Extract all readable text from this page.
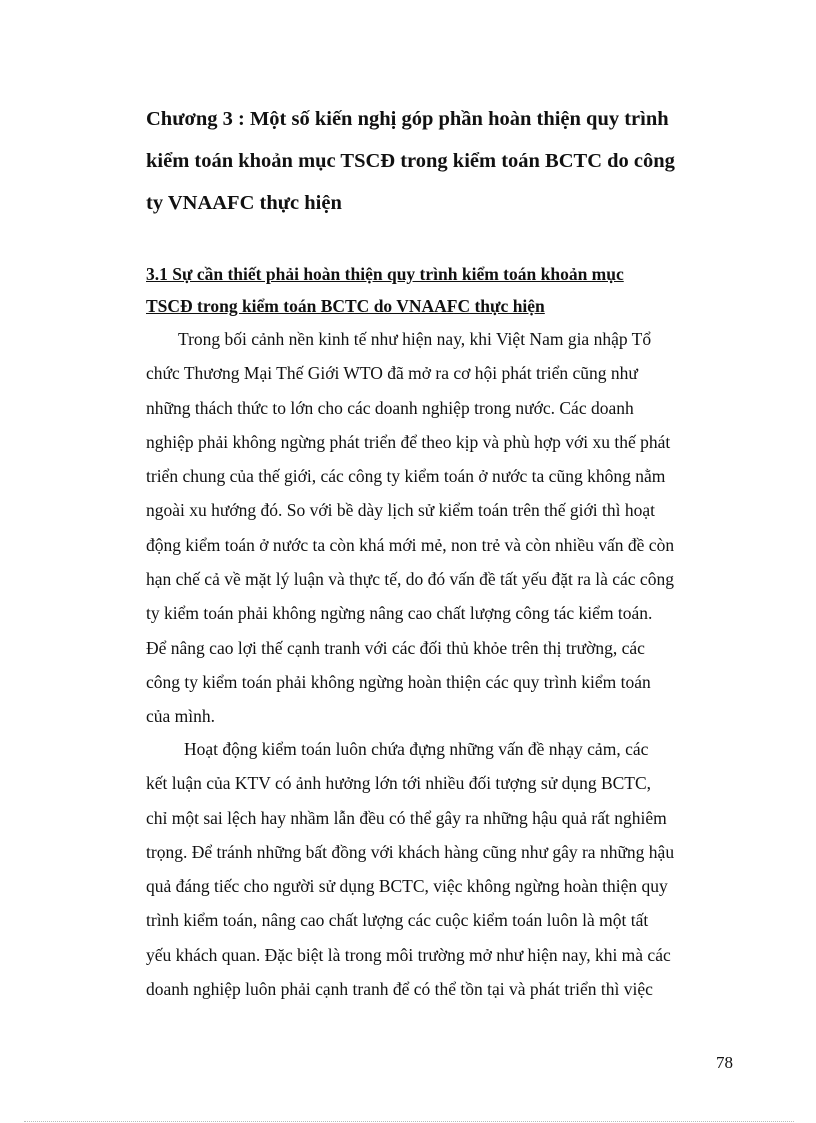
Chương 3 : Một số kiến nghị góp phần hoàn thiện quy trình
kiểm toán khoản mục TSCĐ trong kiểm toán BCTC do công
ty VNAAFC thực hiện
3.1 Sự cần thiết phải hoàn thiện quy trình kiểm toán khoản mục
TSCĐ trong kiểm toán BCTC do VNAAFC thực hiện

Trong bối cảnh nền kinh tế như hiện nay, khi Việt Nam gia nhập Tổ
chức Thương Mại Thế Giới WTO đã mở ra cơ hội phát triển cũng như
những thách thức to lớn cho các doanh nghiệp trong nước. Các doanh
nghiệp phải không ngừng phát triển để theo kịp và phù hợp với xu thế phát
triển chung của thế giới, các công ty kiểm toán ở nước ta cũng không nằm
ngoài xu hướng đó. So với bề dày lịch sử kiểm toán trên thế giới thì hoạt
động kiểm toán ở nước ta còn khá mới mẻ, non trẻ và còn nhiều vấn đề còn
hạn chế cả về mặt lý luận và thực tế, do đó vấn đề tất yếu đặt ra là các công
ty kiểm toán phải không ngừng nâng cao chất lượng công tác kiểm toán.
Để nâng cao lợi thế cạnh tranh với các đối thủ khỏe trên thị trường, các
công ty kiểm toán phải không ngừng hoàn thiện các quy trình kiểm toán
của mình.

Hoạt động kiểm toán luôn chứa đựng những vấn đề nhạy cảm, các
kết luận của KTV có ảnh hưởng lớn tới nhiều đối tượng sử dụng BCTC,
chỉ một sai lệch hay nhầm lẫn đều có thể gây ra những hậu quả rất nghiêm
trọng. Để tránh những bất đồng với khách hàng cũng như gây ra những hậu
quả đáng tiếc cho người sử dụng BCTC, việc không ngừng hoàn thiện quy
trình kiểm toán, nâng cao chất lượng các cuộc kiểm toán luôn là một tất
yếu khách quan. Đặc biệt là trong môi trường mở như hiện nay, khi mà các
doanh nghiệp luôn phải cạnh tranh để có thể tồn tại và phát triển thì việc

78
